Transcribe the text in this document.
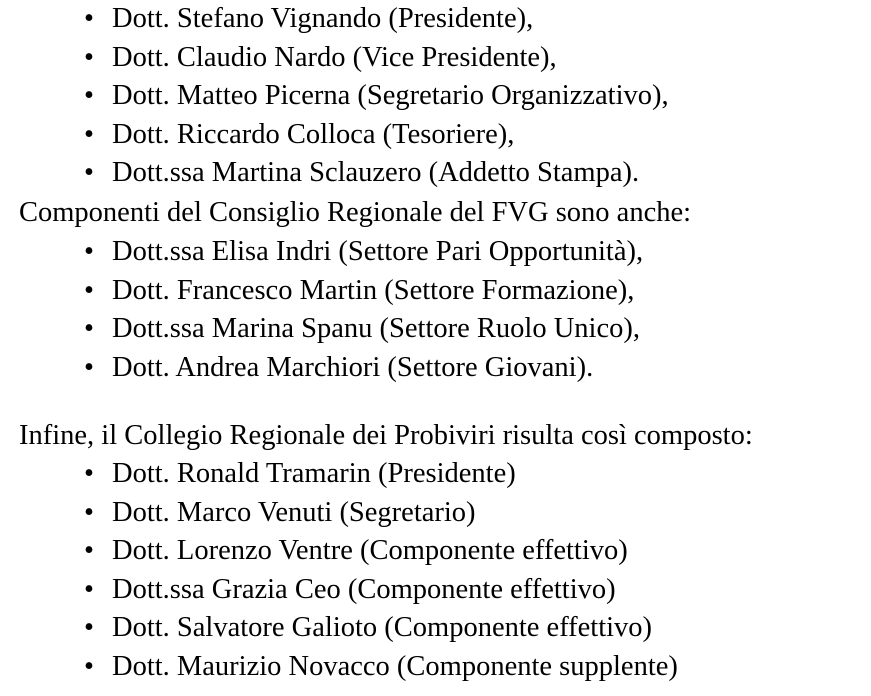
• Dott. Stefano Vignando (Presidente),
• Dott. Claudio Nardo (Vice Presidente),
• Dott. Matteo Picerna (Segretario Organizzativo),
• Dott. Riccardo Colloca (Tesoriere),
• Dott.ssa Martina Sclauzero (Addetto Stampa).
Componenti del Consiglio Regionale del FVG sono anche:
• Dott.ssa Elisa Indri (Settore Pari Opportunità),
• Dott. Francesco Martin (Settore Formazione),
• Dott.ssa Marina Spanu (Settore Ruolo Unico),
• Dott. Andrea Marchiori (Settore Giovani).
Infine, il Collegio Regionale dei Probiviri risulta così composto:
• Dott. Ronald Tramarin (Presidente)
• Dott. Marco Venuti (Segretario)
• Dott. Lorenzo Ventre (Componente effettivo)
• Dott.ssa Grazia Ceo (Componente effettivo)
• Dott. Salvatore Galioto (Componente effettivo)
• Dott. Maurizio Novacco (Componente supplente)
